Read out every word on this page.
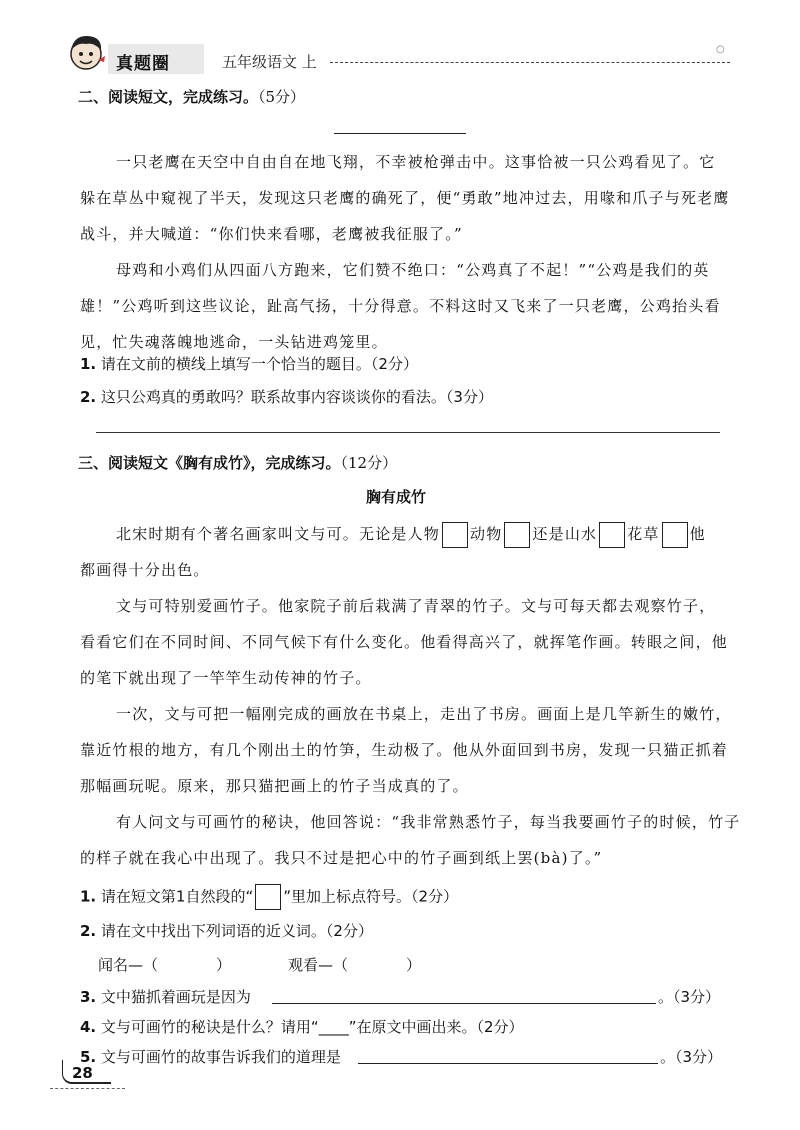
真题圈	五年级语文 上
○
二、阅读短文，完成练习。（5分）
一只老鹰在天空中自由自在地飞翔，不幸被枪弹击中。这事恰被一只公鸡看见了。它
躲在草丛中窥视了半天，发现这只老鹰的确死了，便“勇敢”地冲过去，用喙和爪子与死老鹰
战斗，并大喊道：“你们快来看哪，老鹰被我征服了。”
母鸡和小鸡们从四面八方跑来，它们赞不绝口：“公鸡真了不起！”“公鸡是我们的英
雄！”公鸡听到这些议论，趾高气扬，十分得意。不料这时又飞来了一只老鹰，公鸡抬头看
见，忙失魂落魄地逃命，一头钻进鸡笼里。
1. 请在文前的横线上填写一个恰当的题目。（2分）
2. 这只公鸡真的勇敢吗？联系故事内容谈谈你的看法。（3分）
三、阅读短文《胸有成竹》，完成练习。（12分）
胸有成竹
北宋时期有个著名画家叫文与可。无论是人物 动物 还是山水 花草 他
都画得十分出色。
文与可特别爱画竹子。他家院子前后栽满了青翠的竹子。文与可每天都去观察竹子，
看看它们在不同时间、不同气候下有什么变化。他看得高兴了，就挥笔作画。转眼之间，他
的笔下就出现了一竿竿生动传神的竹子。
一次，文与可把一幅刚完成的画放在书桌上，走出了书房。画面上是几竿新生的嫩竹，
靠近竹根的地方，有几个刚出土的竹笋，生动极了。他从外面回到书房，发现一只猫正抓着
那幅画玩呢。原来，那只猫把画上的竹子当成真的了。
有人问文与可画竹的秘诀，他回答说：“我非常熟悉竹子，每当我要画竹子的时候，竹子
的样子就在我心中出现了。我只不过是把心中的竹子画到纸上罢(bà)了。”
1. 请在短文第1自然段的“ ”里加上标点符号。（2分）
2. 请在文中找出下列词语的近义词。（2分）
闻名—（	）	观看—（	）
3. 文中猫抓着画玩是因为	。（3分）
4. 文与可画竹的秘诀是什么？请用“____”在原文中画出来。（2分）
5. 文与可画竹的故事告诉我们的道理是	。（3分）
28
